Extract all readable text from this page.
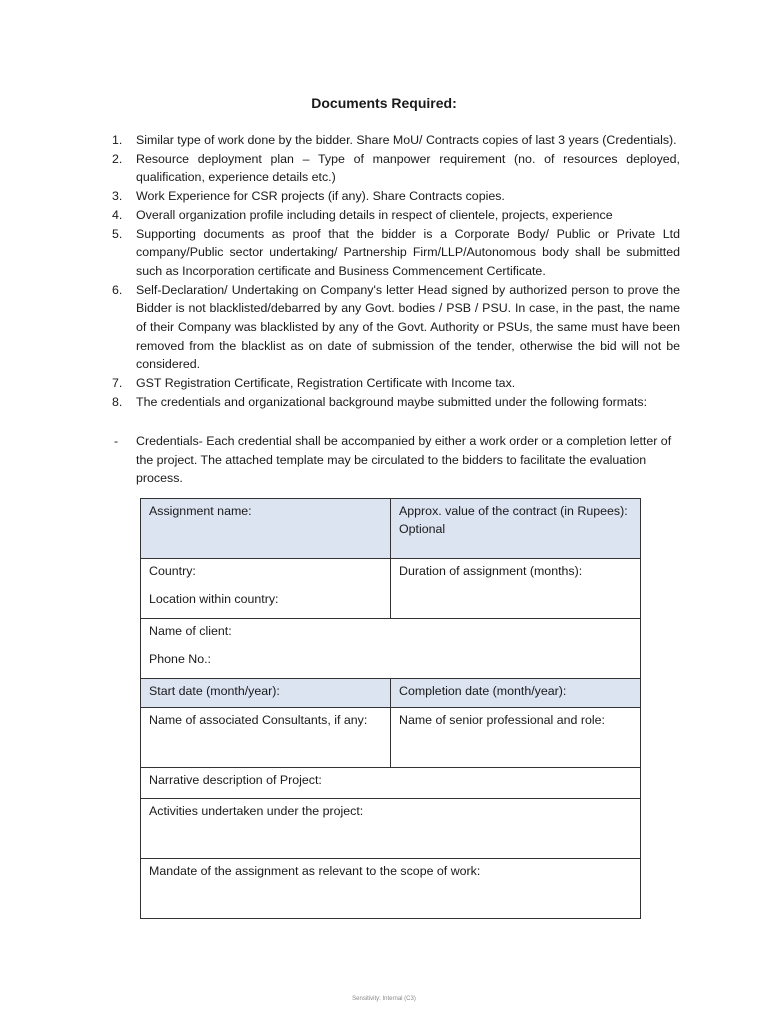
Documents Required:
1. Similar type of work done by the bidder. Share MoU/ Contracts copies of last 3 years (Credentials).
2. Resource deployment plan – Type of manpower requirement (no. of resources deployed, qualification, experience details etc.)
3. Work Experience for CSR projects (if any). Share Contracts copies.
4. Overall organization profile including details in respect of clientele, projects, experience
5. Supporting documents as proof that the bidder is a Corporate Body/ Public or Private Ltd company/Public sector undertaking/ Partnership Firm/LLP/Autonomous body shall be submitted such as Incorporation certificate and Business Commencement Certificate.
6. Self-Declaration/ Undertaking on Company's letter Head signed by authorized person to prove the Bidder is not blacklisted/debarred by any Govt. bodies / PSB / PSU. In case, in the past, the name of their Company was blacklisted by any of the Govt. Authority or PSUs, the same must have been removed from the blacklist as on date of submission of the tender, otherwise the bid will not be considered.
7. GST Registration Certificate, Registration Certificate with Income tax.
8. The credentials and organizational background maybe submitted under the following formats:
- Credentials- Each credential shall be accompanied by either a work order or a completion letter of the project. The attached template may be circulated to the bidders to facilitate the evaluation process.
Assignment name:	Approx. value of the contract (in Rupees): Optional

Country:
Location within country:	Duration of assignment (months):

Name of client:
Phone No.:	

Start date (month/year):	Completion date (month/year):
Name of associated Consultants, if any:	Name of senior professional and role:
Narrative description of Project:	
Activities undertaken under the project:	
Mandate of the assignment as relevant to the scope of work:	
Sensitivity: Internal (C3)
